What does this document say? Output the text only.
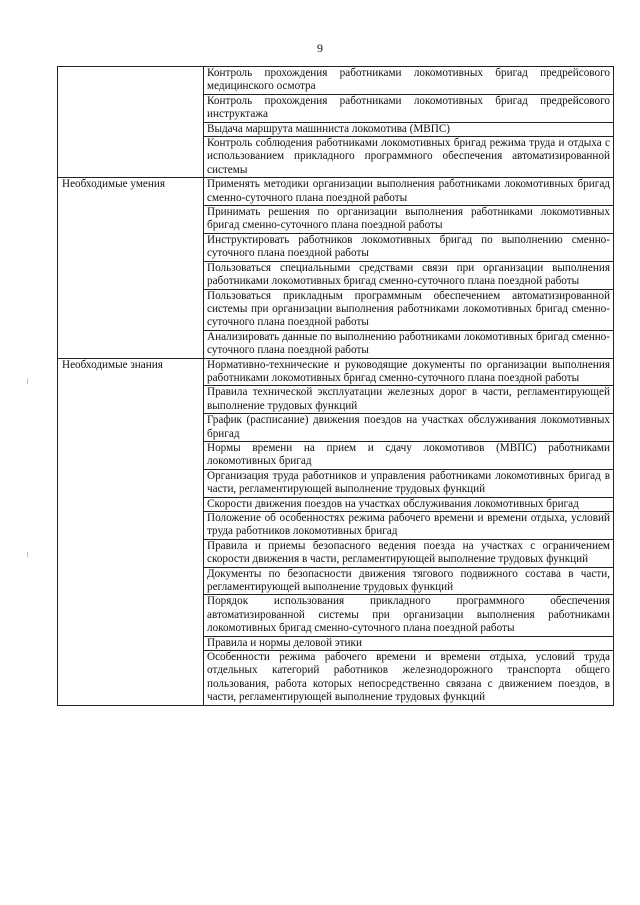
9
	Контроль прохождения работниками локомотивных бригад предрейсового медицинского осмотра
	Контроль прохождения работниками локомотивных бригад предрейсового инструктажа
	Выдача маршрута машиниста локомотива (МВПС)
	Контроль соблюдения работниками локомотивных бригад режима труда и отдыха с использованием прикладного программного обеспечения автоматизированной системы
Необходимые умения	Применять методики организации выполнения работниками локомотивных бригад сменно-суточного плана поездной работы
	Принимать решения по организации выполнения работниками локомотивных бригад сменно-суточного плана поездной работы
	Инструктировать работников локомотивных бригад по выполнению сменно-суточного плана поездной работы
	Пользоваться специальными средствами связи при организации выполнения работниками локомотивных бригад сменно-суточного плана поездной работы
	Пользоваться прикладным программным обеспечением автоматизированной системы при организации выполнения работниками локомотивных бригад сменно-суточного плана поездной работы
	Анализировать данные по выполнению работниками локомотивных бригад сменно-суточного плана поездной работы
Необходимые знания	Нормативно-технические и руководящие документы по организации выполнения работниками локомотивных бригад сменно-суточного плана поездной работы
	Правила технической эксплуатации железных дорог в части, регламентирующей выполнение трудовых функций
	График (расписание) движения поездов на участках обслуживания локомотивных бригад
	Нормы времени на прием и сдачу локомотивов (МВПС) работниками локомотивных бригад
	Организация труда работников и управления работниками локомотивных бригад в части, регламентирующей выполнение трудовых функций
	Скорости движения поездов на участках обслуживания локомотивных бригад
	Положение об особенностях режима рабочего времени и времени отдыха, условий труда работников локомотивных бригад
	Правила и приемы безопасного ведения поезда на участках с ограничением скорости движения в части, регламентирующей выполнение трудовых функций
	Документы по безопасности движения тягового подвижного состава в части, регламентирующей выполнение трудовых функций
	Порядок использования прикладного программного обеспечения автоматизированной системы при организации выполнения работниками локомотивных бригад сменно-суточного плана поездной работы
	Правила и нормы деловой этики
	Особенности режима рабочего времени и времени отдыха, условий труда отдельных категорий работников железнодорожного транспорта общего пользования, работа которых непосредственно связана с движением поездов, в части, регламентирующей выполнение трудовых функций
